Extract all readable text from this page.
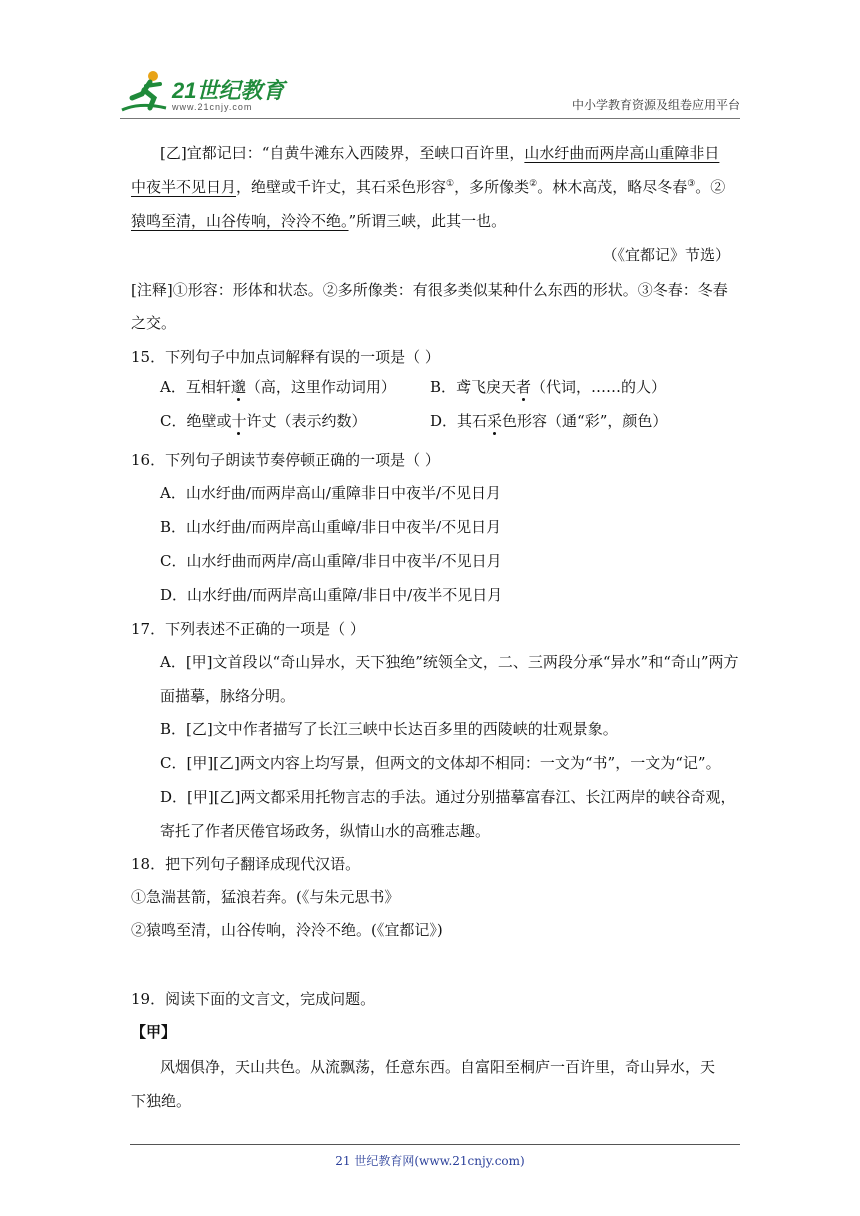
21世纪教育
www.21cnjy.com	中小学教育资源及组卷应用平台
[乙]宜都记曰：“自黄牛滩东入西陵界，至峡口百许里，山水纡曲而两岸高山重障非日
中夜半不见日月，绝壁或千许丈，其石采色形容①，多所像类②。林木高茂，略尽冬春③。②
猿鸣至清，山谷传响，泠泠不绝。”所谓三峡，此其一也。
（《宜都记》节选）
[注释]①形容：形体和状态。②多所像类：有很多类似某种什么东西的形状。③冬春：冬春
之交。
15．下列句子中加点词解释有误的一项是（ ）
A．互相轩邈（高，这里作动词用） B．鸢飞戾天者（代词，……的人）
C．绝壁或十许丈（表示约数）	D．其石采色形容（通“彩”，颜色）
16．下列句子朗读节奏停顿正确的一项是（ ）
A．山水纡曲/而两岸高山/重障非日中夜半/不见日月
B．山水纡曲/而两岸高山重嶂/非日中夜半/不见日月
C．山水纡曲而两岸/高山重障/非日中夜半/不见日月
D．山水纡曲/而两岸高山重障/非日中/夜半不见日月
17．下列表述不正确的一项是（ ）
A．[甲]文首段以“奇山异水，天下独绝”统领全文，二、三两段分承“异水”和“奇山”两方
面描摹，脉络分明。
B．[乙]文中作者描写了长江三峡中长达百多里的西陵峡的壮观景象。
C．[甲][乙]两文内容上均写景，但两文的文体却不相同：一文为“书”，一文为“记”。
D．[甲][乙]两文都采用托物言志的手法。通过分别描摹富春江、长江两岸的峡谷奇观，
寄托了作者厌倦官场政务，纵情山水的高雅志趣。
18．把下列句子翻译成现代汉语。
①急湍甚箭，猛浪若奔。(《与朱元思书》
②猿鸣至清，山谷传响，泠泠不绝。(《宜都记》)
19．阅读下面的文言文，完成问题。
【甲】
风烟俱净，天山共色。从流飘荡，任意东西。自富阳至桐庐一百许里，奇山异水，天
下独绝。
21 世纪教育网(www.21cnjy.com)
